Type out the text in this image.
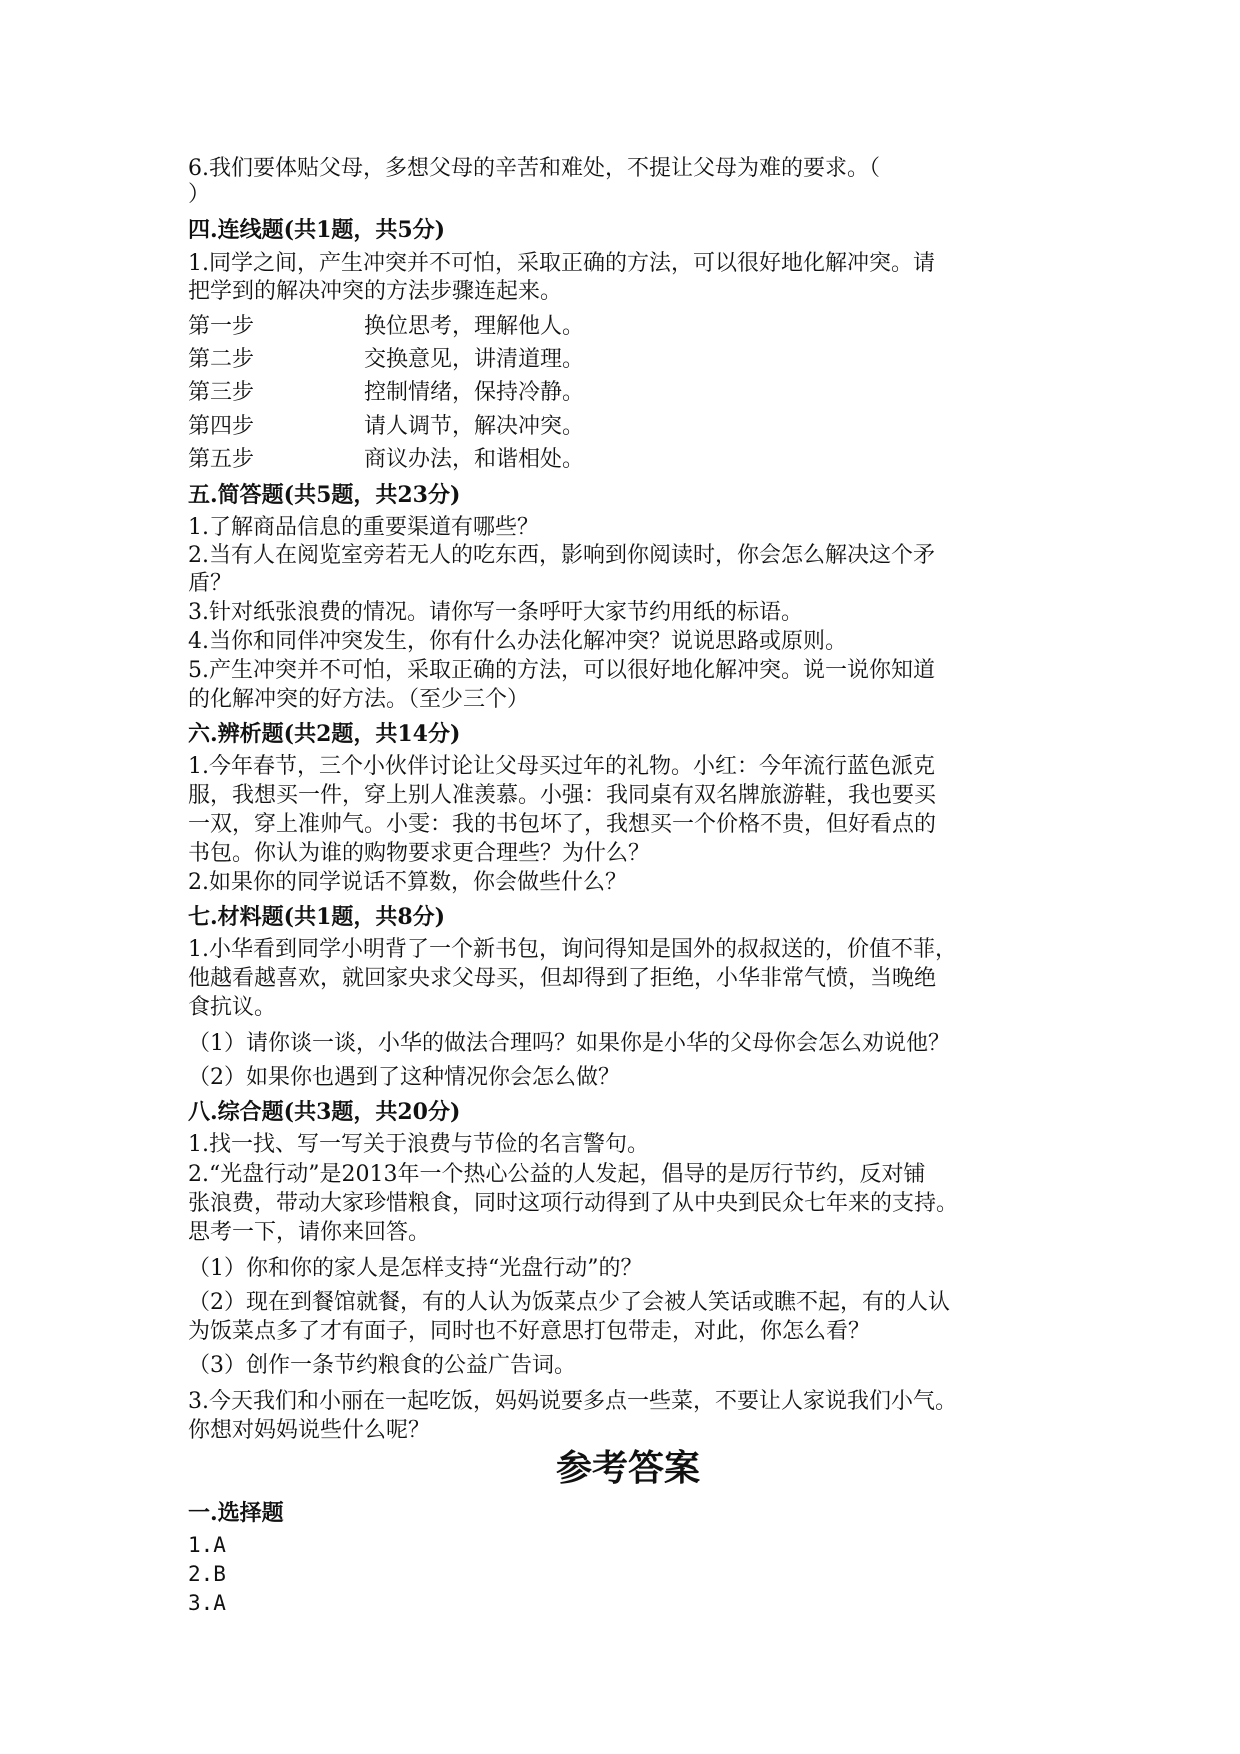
6.我们要体贴父母，多想父母的辛苦和难处，不提让父母为难的要求。（

）

四.连线题(共1题，共5分)

1.同学之间，产生冲突并不可怕，采取正确的方法，可以很好地化解冲突。请

把学到的解决冲突的方法步骤连起来。

第一步	换位思考，理解他人。
第二步	交换意见，讲清道理。
第三步	控制情绪，保持冷静。
第四步	请人调节，解决冲突。
第五步	商议办法，和谐相处。

五.简答题(共5题，共23分)

1.了解商品信息的重要渠道有哪些？

2.当有人在阅览室旁若无人的吃东西，影响到你阅读时，你会怎么解决这个矛

盾？

3.针对纸张浪费的情况。请你写一条呼吁大家节约用纸的标语。

4.当你和同伴冲突发生，你有什么办法化解冲突？说说思路或原则。

5.产生冲突并不可怕，采取正确的方法，可以很好地化解冲突。说一说你知道

的化解冲突的好方法。（至少三个）

六.辨析题(共2题，共14分)

1.今年春节，三个小伙伴讨论让父母买过年的礼物。小红：今年流行蓝色派克

服，我想买一件，穿上别人准羡慕。小强：我同桌有双名牌旅游鞋，我也要买

一双，穿上准帅气。小雯：我的书包坏了，我想买一个价格不贵，但好看点的

书包。你认为谁的购物要求更合理些？为什么？

2.如果你的同学说话不算数，你会做些什么？

七.材料题(共1题，共8分)

1.小华看到同学小明背了一个新书包，询问得知是国外的叔叔送的，价值不菲，

他越看越喜欢，就回家央求父母买，但却得到了拒绝，小华非常气愤，当晚绝

食抗议。

（1）请你谈一谈，小华的做法合理吗？如果你是小华的父母你会怎么劝说他？

（2）如果你也遇到了这种情况你会怎么做？

八.综合题(共3题，共20分)

1.找一找、写一写关于浪费与节俭的名言警句。

2.“光盘行动”是2013年一个热心公益的人发起，倡导的是厉行节约，反对铺

张浪费，带动大家珍惜粮食，同时这项行动得到了从中央到民众七年来的支持。

思考一下，请你来回答。

（1）你和你的家人是怎样支持“光盘行动”的？

（2）现在到餐馆就餐，有的人认为饭菜点少了会被人笑话或瞧不起，有的人认

为饭菜点多了才有面子，同时也不好意思打包带走，对此，你怎么看？

（3）创作一条节约粮食的公益广告词。

3.今天我们和小丽在一起吃饭，妈妈说要多点一些菜，不要让人家说我们小气。

你想对妈妈说些什么呢？

参考答案

一.选择题

1.A

2.B

3.A
